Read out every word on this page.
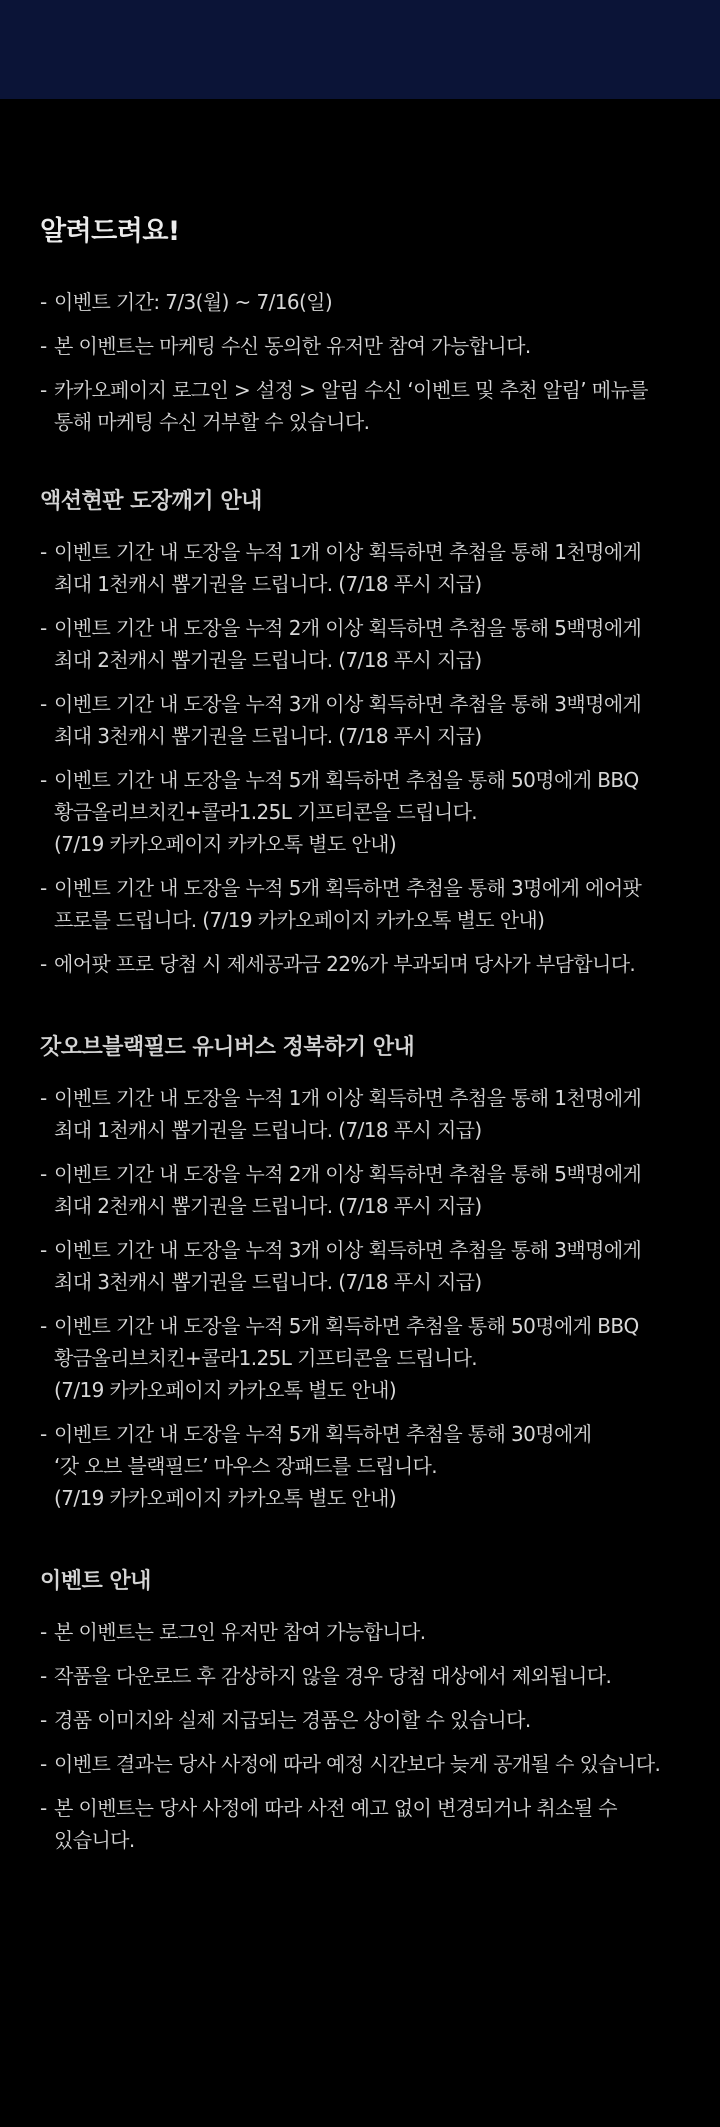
알려드려요!
- 이벤트 기간: 7/3(월) ~ 7/16(일)
- 본 이벤트는 마케팅 수신 동의한 유저만 참여 가능합니다.
- 카카오페이지 로그인 > 설정 > 알림 수신 ‘이벤트 및 추천 알림’ 메뉴를
통해 마케팅 수신 거부할 수 있습니다.
액션현판 도장깨기 안내
- 이벤트 기간 내 도장을 누적 1개 이상 획득하면 추첨을 통해 1천명에게
최대 1천캐시 뽑기권을 드립니다. (7/18 푸시 지급)
- 이벤트 기간 내 도장을 누적 2개 이상 획득하면 추첨을 통해 5백명에게
최대 2천캐시 뽑기권을 드립니다. (7/18 푸시 지급)
- 이벤트 기간 내 도장을 누적 3개 이상 획득하면 추첨을 통해 3백명에게
최대 3천캐시 뽑기권을 드립니다. (7/18 푸시 지급)
- 이벤트 기간 내 도장을 누적 5개 획득하면 추첨을 통해 50명에게 BBQ
황금올리브치킨+콜라1.25L 기프티콘을 드립니다.
(7/19 카카오페이지 카카오톡 별도 안내)
- 이벤트 기간 내 도장을 누적 5개 획득하면 추첨을 통해 3명에게 에어팟
프로를 드립니다. (7/19 카카오페이지 카카오톡 별도 안내)
- 에어팟 프로 당첨 시 제세공과금 22%가 부과되며 당사가 부담합니다.
갓오브블랙필드 유니버스 정복하기 안내
- 이벤트 기간 내 도장을 누적 1개 이상 획득하면 추첨을 통해 1천명에게
최대 1천캐시 뽑기권을 드립니다. (7/18 푸시 지급)
- 이벤트 기간 내 도장을 누적 2개 이상 획득하면 추첨을 통해 5백명에게
최대 2천캐시 뽑기권을 드립니다. (7/18 푸시 지급)
- 이벤트 기간 내 도장을 누적 3개 이상 획득하면 추첨을 통해 3백명에게
최대 3천캐시 뽑기권을 드립니다. (7/18 푸시 지급)
- 이벤트 기간 내 도장을 누적 5개 획득하면 추첨을 통해 50명에게 BBQ
황금올리브치킨+콜라1.25L 기프티콘을 드립니다.
(7/19 카카오페이지 카카오톡 별도 안내)
- 이벤트 기간 내 도장을 누적 5개 획득하면 추첨을 통해 30명에게
‘갓 오브 블랙필드’ 마우스 장패드를 드립니다.
(7/19 카카오페이지 카카오톡 별도 안내)
이벤트 안내
- 본 이벤트는 로그인 유저만 참여 가능합니다.
- 작품을 다운로드 후 감상하지 않을 경우 당첨 대상에서 제외됩니다.
- 경품 이미지와 실제 지급되는 경품은 상이할 수 있습니다.
- 이벤트 결과는 당사 사정에 따라 예정 시간보다 늦게 공개될 수 있습니다.
- 본 이벤트는 당사 사정에 따라 사전 예고 없이 변경되거나 취소될 수
있습니다.
